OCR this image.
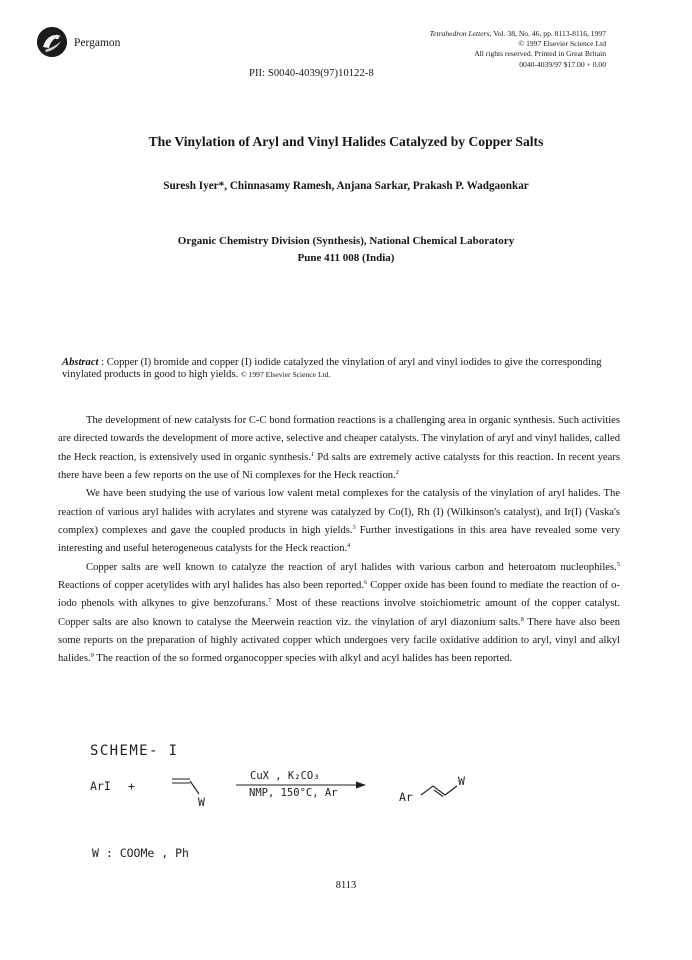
Pergamon
Tetrahedron Letters, Vol. 38, No. 46, pp. 8113-8116, 1997
© 1997 Elsevier Science Ltd
All rights reserved. Printed in Great Britain
0040-4039/97 $17.00 + 0.00
PII: S0040-4039(97)10122-8
The Vinylation of Aryl and Vinyl Halides Catalyzed by Copper Salts
Suresh Iyer*, Chinnasamy Ramesh, Anjana Sarkar, Prakash P. Wadgaonkar
Organic Chemistry Division (Synthesis), National Chemical Laboratory
Pune 411 008 (India)
Abstract : Copper (I) bromide and copper (I) iodide catalyzed the vinylation of aryl and vinyl iodides to give the corresponding vinylated products in good to high yields. © 1997 Elsevier Science Ltd.

The development of new catalysts for C-C bond formation reactions is a challenging area in organic synthesis. Such activities are directed towards the development of more active, selective and cheaper catalysts. The vinylation of aryl and vinyl halides, called the Heck reaction, is extensively used in organic synthesis.$^1$ Pd salts are extremely active catalysts for this reaction. In recent years there have been a few reports on the use of Ni complexes for the Heck reaction.$^2$

We have been studying the use of various low valent metal complexes for the catalysis of the vinylation of aryl halides. The reaction of various aryl halides with acrylates and styrene was catalyzed by Co(I), Rh (I) (Wilkinson's catalyst), and Ir(I) (Vaska's complex) complexes and gave the coupled products in high yields.$^3$ Further investigations in this area have revealed some very interesting and useful heterogeneous catalysts for the Heck reaction.$^4$

Copper salts are well known to catalyze the reaction of aryl halides with various carbon and heteroatom nucleophiles.$^5$ Reactions of copper acetylides with aryl halides has also been reported.$^6$ Copper oxide has been found to mediate the reaction of o-iodo phenols with alkynes to give benzofurans.$^7$ Most of these reactions involve stoichiometric amount of the copper catalyst. Copper salts are also known to catalyse the Meerwein reaction viz. the vinylation of aryl diazonium salts.$^8$ There have also been some reports on the preparation of highly activated copper which undergoes very facile oxidative addition to aryl, vinyl and alkyl halides.$^9$ The reaction of the so formed organocopper species with alkyl and acyl halides has been reported.

SCHEME- I
ArI +
W
CuX , K₂CO₃
NMP, 150°C, Ar	Ar
W
W : COOMe , Ph
8113
